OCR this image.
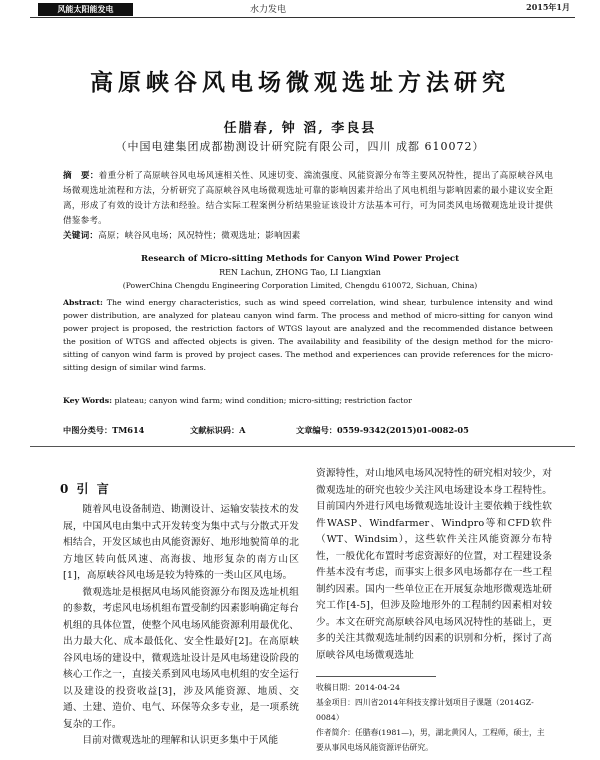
风能太阳能发电	水力发电	2015年1月
高原峡谷风电场微观选址方法研究
任腊春, 钟 滔, 李良县
（中国电建集团成都勘测设计研究院有限公司，四川 成都 610072）
摘　要：着重分析了高原峡谷风电场风速相关性、风速切变、湍流强度、风能资源分布等主要风况特性，提出了高原峡谷风电场微观选址流程和方法，分析研究了高原峡谷风电场微观选址可靠的影响因素并给出了风电机组与影响因素的最小建议安全距离，形成了有效的设计方法和经验。结合实际工程案例分析结果验证该设计方法基本可行，可为同类风电场微观选址设计提供借鉴参考。
关键词：高原；峡谷风电场；风况特性；微观选址；影响因素
Research of Micro-sitting Methods for Canyon Wind Power Project
REN Lachun, ZHONG Tao, LI Liangxian
(PowerChina Chengdu Engineering Corporation Limited, Chengdu 610072, Sichuan, China)
Abstract: The wind energy characteristics, such as wind speed correlation, wind shear, turbulence intensity and wind power distribution, are analyzed for plateau canyon wind farm. The process and method of micro-sitting for canyon wind power project is proposed, the restriction factors of WTGS layout are analyzed and the recommended distance between the position of WTGS and affected objects is given. The availability and feasibility of the design method for the micro-sitting of canyon wind farm is proved by project cases. The method and experiences can provide references for the micro-sitting design of similar wind farms.
Key Words: plateau; canyon wind farm; wind condition; micro-sitting; restriction factor
中图分类号：TM614	文献标识码：A	文章编号：0559-9342(2015)01-0082-05
0 引 言

随着风电设备制造、勘测设计、运输安装技术的发展，中国风电由集中式开发转变为集中式与分散式开发相结合，开发区域也由风能资源好、地形地貌简单的北方地区转向低风速、高海拔、地形复杂的南方山区[1]，高原峡谷风电场是较为特殊的一类山区风电场。

微观选址是根据风电场风能资源分布图及选址机组的参数，考虑风电场机组布置受制约因素影响确定每台机组的具体位置，使整个风电场风能资源利用最优化、出力最大化、成本最低化、安全性最好[2]。在高原峡谷风电场的建设中，微观选址设计是风电场建设阶段的核心工作之一，直接关系到风电场风电机组的安全运行以及建设的投资收益[3]，涉及风能资源、地质、交通、土建、造价、电气、环保等众多专业，是一项系统复杂的工作。

目前对微观选址的理解和认识更多集中于风能

资源特性，对山地风电场风况特性的研究相对较少，对微观选址的研究也较少关注风电场建设本身工程特性。目前国内外进行风电场微观选址设计主要依赖于线性软件WASP、Windfarmer、Windpro等和CFD软件（WT、Windsim），这些软件关注风能资源分布特性，一般优化布置时考虑资源好的位置，对工程建设条件基本没有考虑，而事实上很多风电场都存在一些工程制约因素。国内一些单位正在开展复杂地形微观选址研究工作[4-5]，但涉及险地形外的工程制约因素相对较少。本文在研究高原峡谷风电场风况特性的基础上，更多的关注其微观选址制约因素的识别和分析，探讨了高原峡谷风电场微观选址

收稿日期：2014-04-24
基金项目：四川省2014年科技支撑计划项目子课题（2014GZ-0084）
作者简介：任腊春(1981—)，男，湖北黄冈人，工程师，硕士，主要从事风电场风能资源评估研究。
